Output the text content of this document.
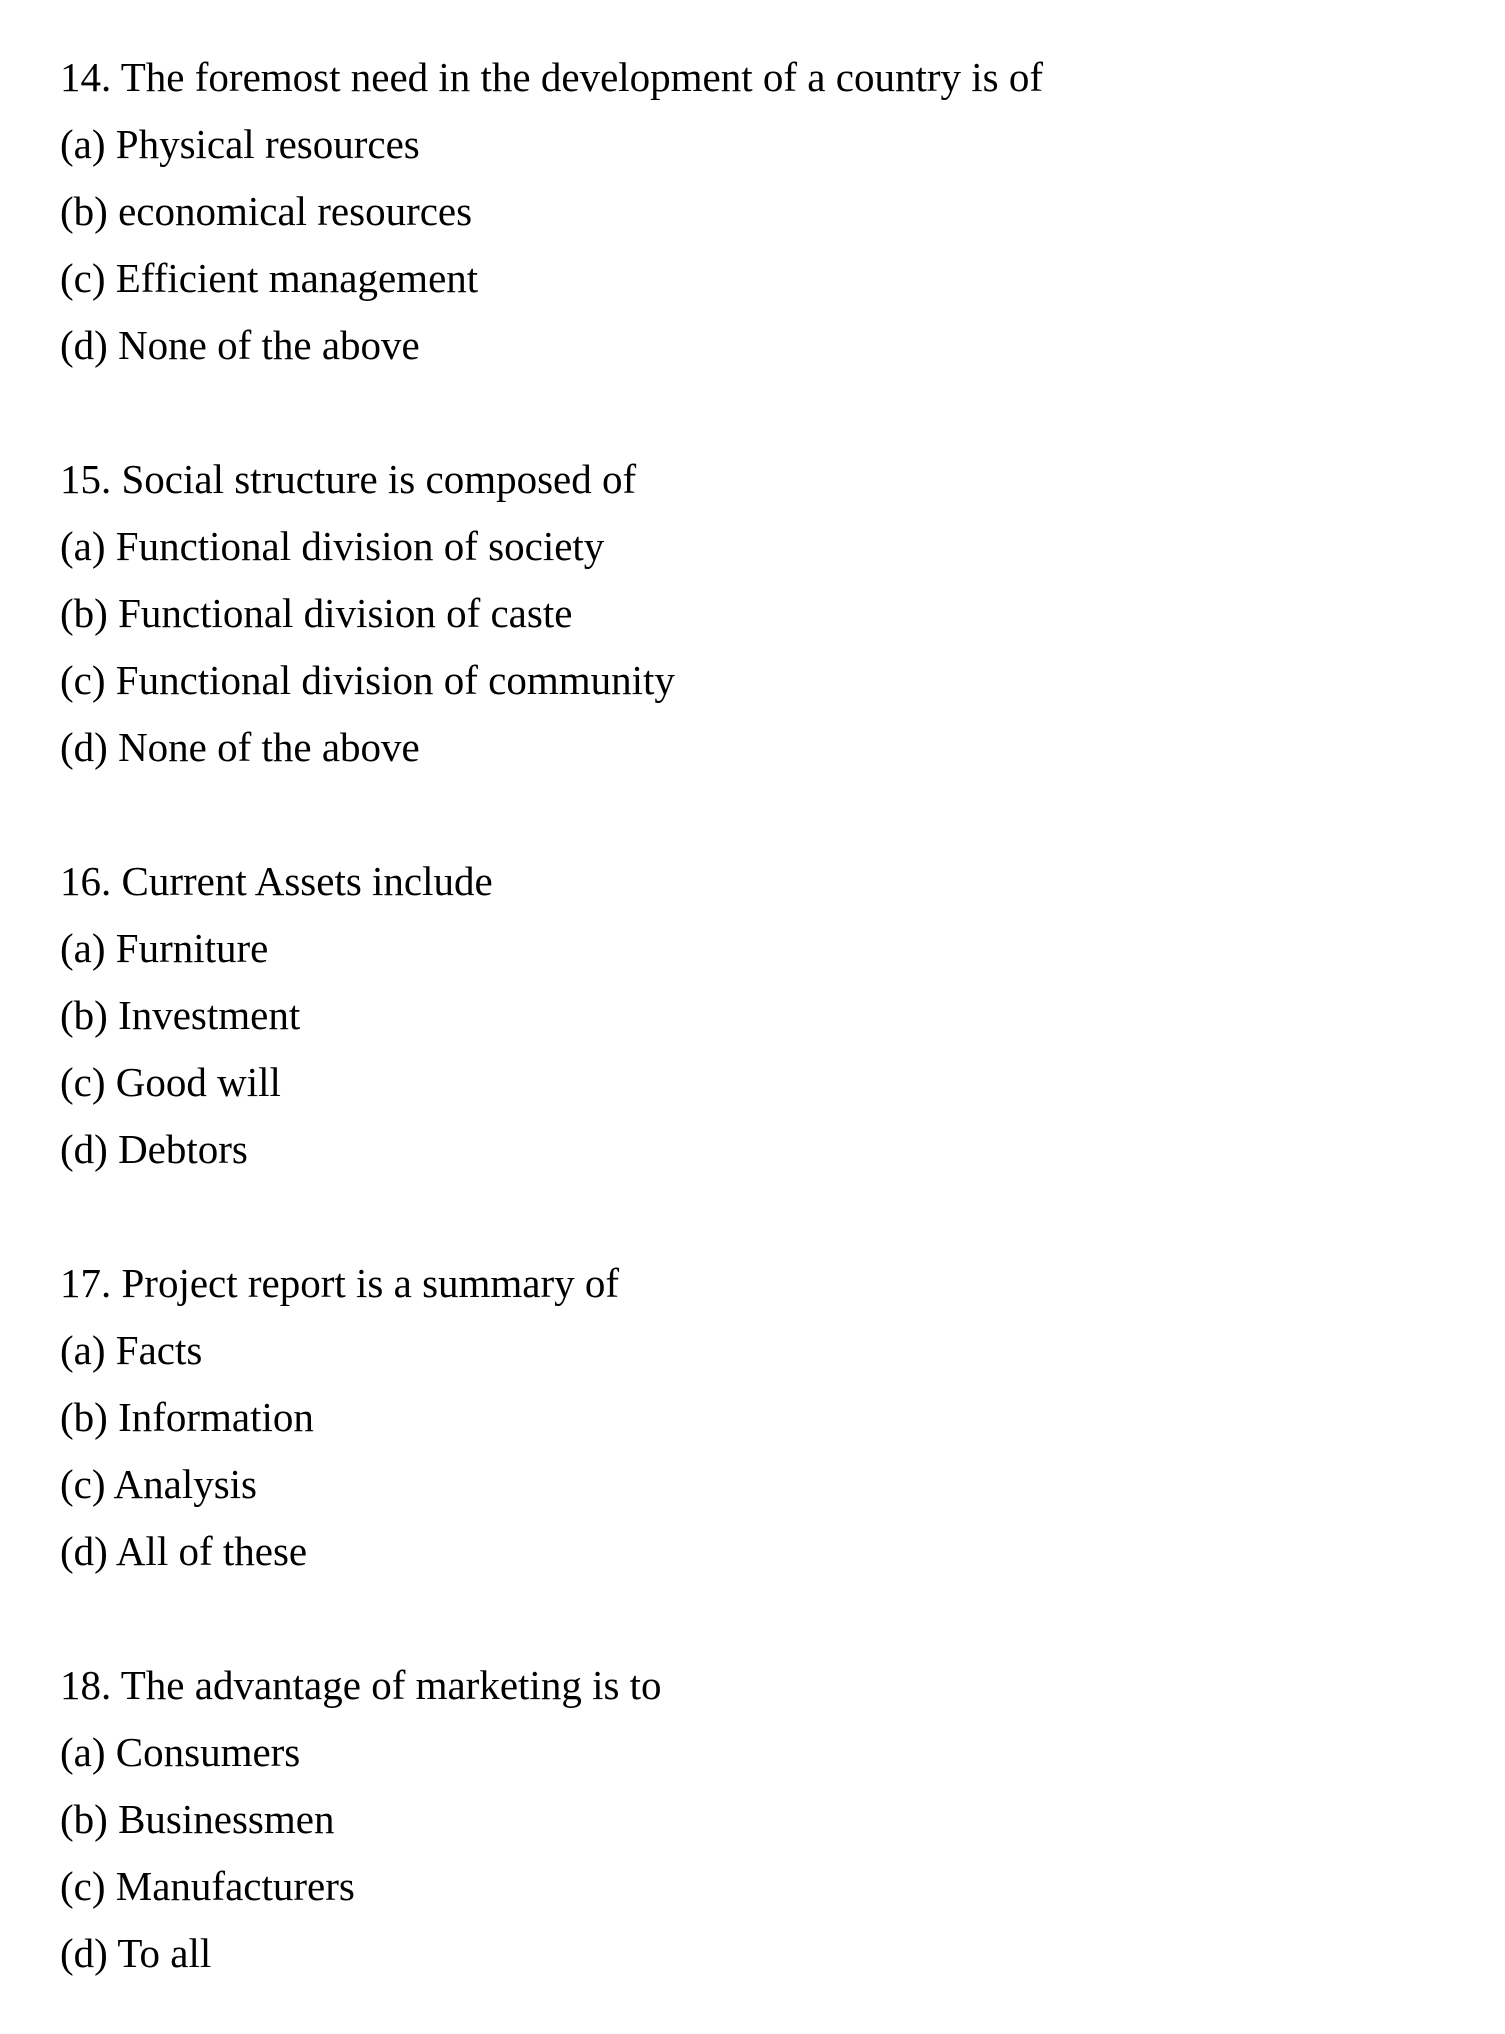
14. The foremost need in the development of a country is of
(a) Physical resources
(b) economical resources
(c) Efficient management
(d) None of the above
15. Social structure is composed of
(a) Functional division of society
(b) Functional division of caste
(c) Functional division of community
(d) None of the above
16. Current Assets include
(a) Furniture
(b) Investment
(c) Good will
(d) Debtors
17. Project report is a summary of
(a) Facts
(b) Information
(c) Analysis
(d) All of these
18. The advantage of marketing is to
(a) Consumers
(b) Businessmen
(c) Manufacturers
(d) To all
